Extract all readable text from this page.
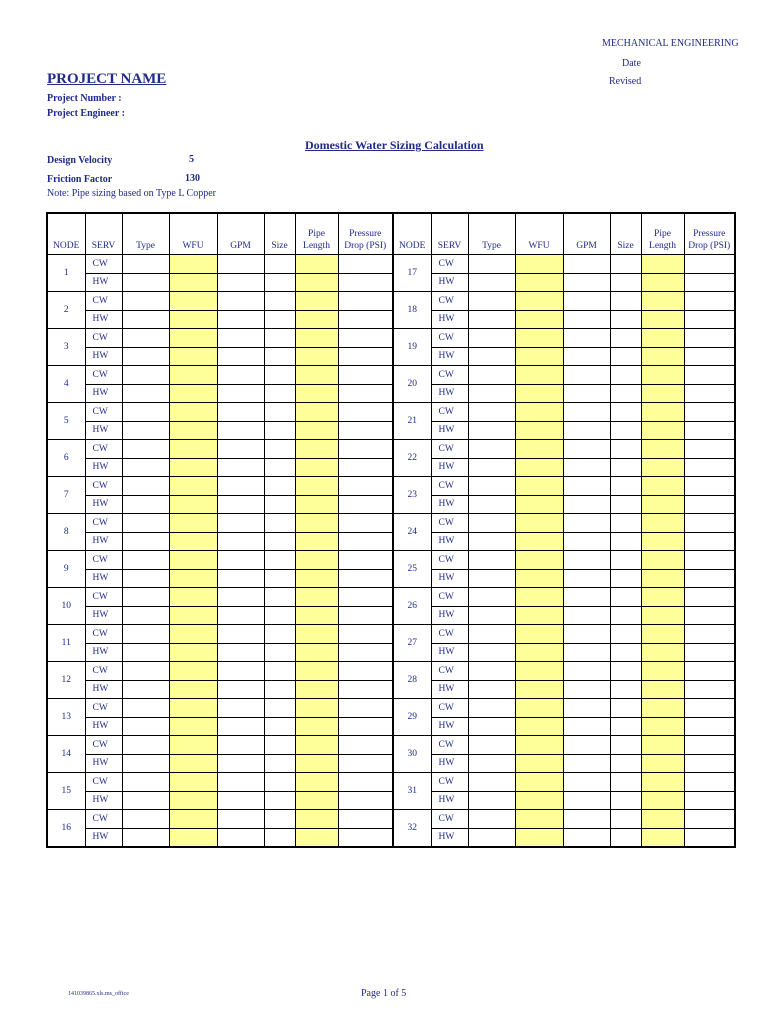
MECHANICAL ENGINEERING
Date
Revised
PROJECT NAME
Project Number :
Project Engineer :
Domestic Water Sizing Calculation
Design Velocity	5
Friction Factor	130
Note: Pipe sizing based on Type L Copper
NODE	SERV	Type	WFU	GPM	Size	Pipe Length	Pressure Drop (PSI)	NODE	SERV	Type	WFU	GPM	Size	Pipe Length	Pressure Drop (PSI)
1	CW							17	CW						
	HW								HW						
2	CW							18	CW						
	HW								HW						
3	CW							19	CW						
	HW								HW						
4	CW							20	CW						
	HW								HW						
5	CW							21	CW						
	HW								HW						
6	CW							22	CW						
	HW								HW						
7	CW							23	CW						
	HW								HW						
8	CW							24	CW						
	HW								HW						
9	CW							25	CW						
	HW								HW						
10	CW							26	CW						
	HW								HW						
11	CW							27	CW						
	HW								HW						
12	CW							28	CW						
	HW								HW						
13	CW							29	CW						
	HW								HW						
14	CW							30	CW						
	HW								HW						
15	CW							31	CW						
	HW								HW						
16	CW							32	CW						
	HW								HW						
141039865.xls.ms_office	Page 1 of 5
